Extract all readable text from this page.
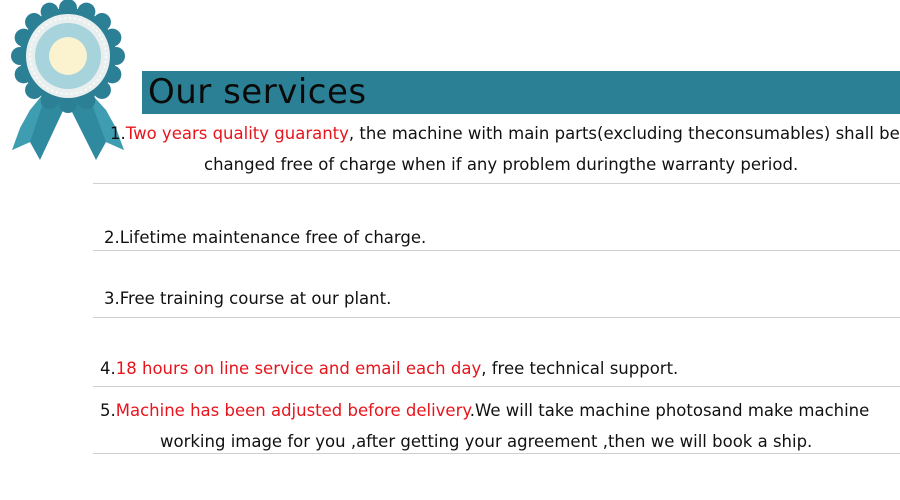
Our services
1.Two years quality guaranty, the machine with main parts(excluding theconsumables) shall be
changed free of charge when if any problem duringthe warranty period.
2.Lifetime maintenance free of charge.
3.Free training course at our plant.
4.18 hours on line service and email each day, free technical support.
5.Machine has been adjusted before delivery.We will take machine photosand make machine
working image for you ,after getting your agreement ,then we will book a ship.
